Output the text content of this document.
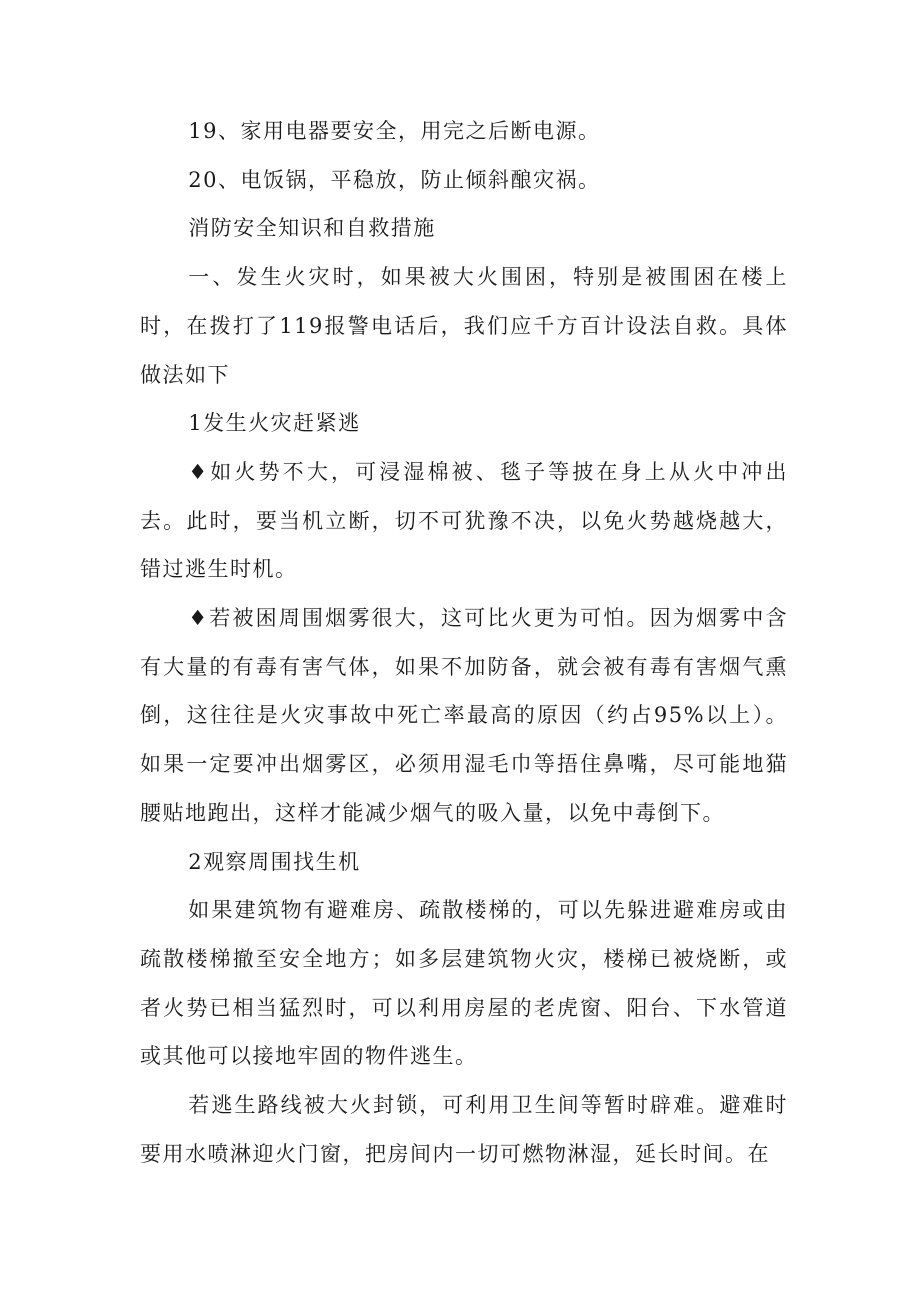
19、家用电器要安全，用完之后断电源。

20、电饭锅，平稳放，防止倾斜酿灾祸。

消防安全知识和自救措施

一、发生火灾时，如果被大火围困，特别是被围困在楼上时，在拨打了119报警电话后，我们应千方百计设法自救。具体做法如下

1发生火灾赶紧逃

♦如火势不大，可浸湿棉被、毯子等披在身上从火中冲出去。此时，要当机立断，切不可犹豫不决，以免火势越烧越大，错过逃生时机。

♦若被困周围烟雾很大，这可比火更为可怕。因为烟雾中含有大量的有毒有害气体，如果不加防备，就会被有毒有害烟气熏倒，这往往是火灾事故中死亡率最高的原因（约占95%以上）。如果一定要冲出烟雾区，必须用湿毛巾等捂住鼻嘴，尽可能地猫腰贴地跑出，这样才能减少烟气的吸入量，以免中毒倒下。

2观察周围找生机

如果建筑物有避难房、疏散楼梯的，可以先躲进避难房或由疏散楼梯撤至安全地方；如多层建筑物火灾，楼梯已被烧断，或者火势已相当猛烈时，可以利用房屋的老虎窗、阳台、下水管道或其他可以接地牢固的物件逃生。

若逃生路线被大火封锁，可利用卫生间等暂时辟难。避难时要用水喷淋迎火门窗，把房间内一切可燃物淋湿，延长时间。在
